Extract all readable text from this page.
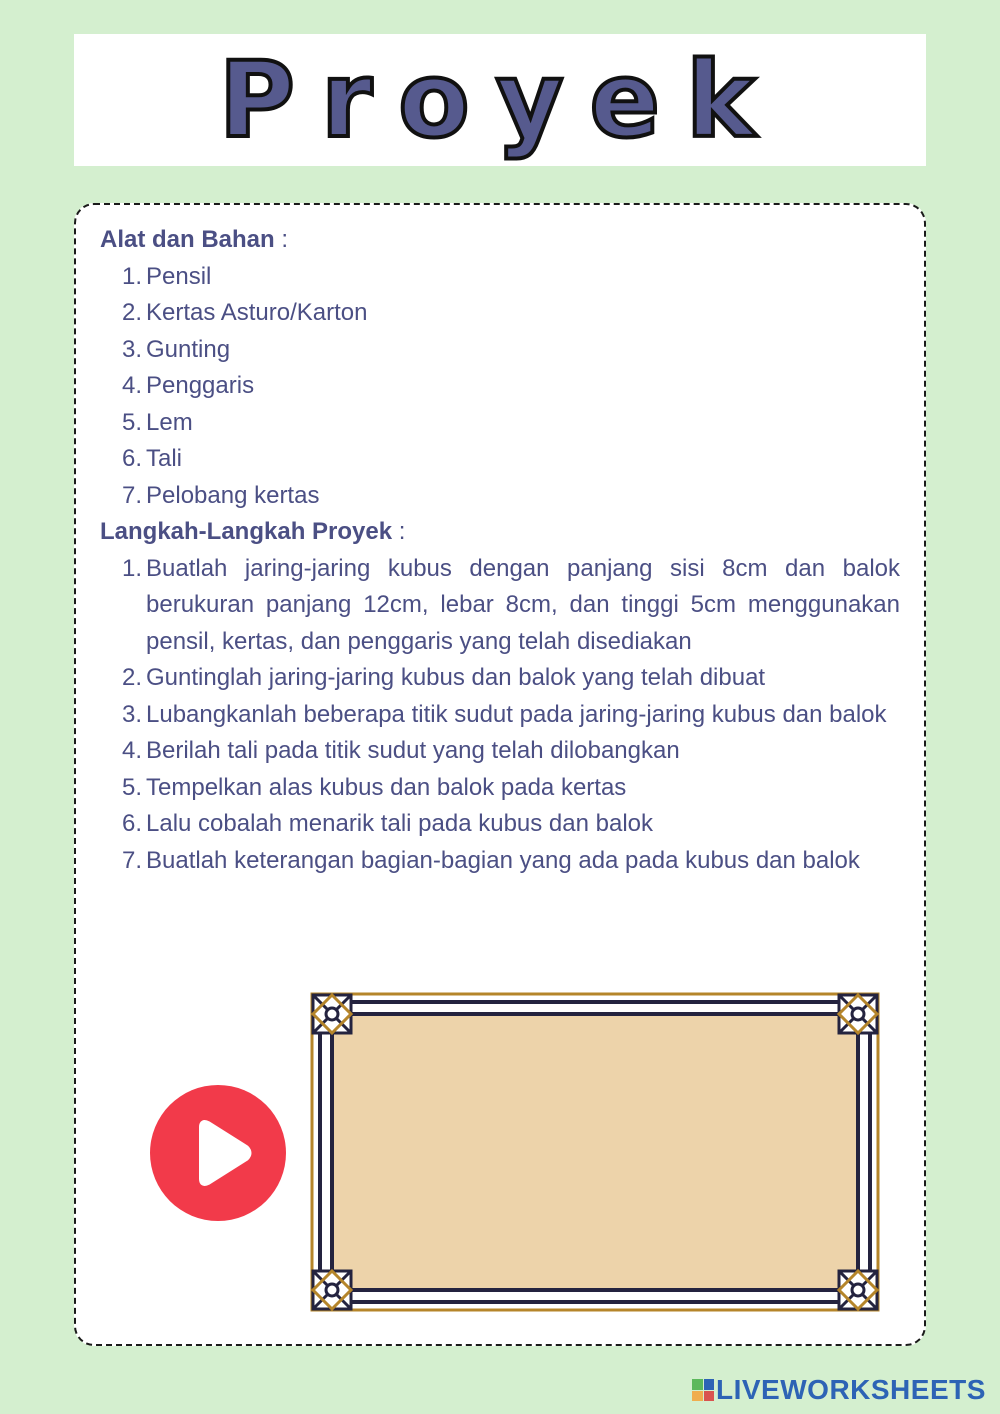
Proyek
Alat dan Bahan :
1. Pensil
2. Kertas Asturo/Karton
3. Gunting
4. Penggaris
5. Lem
6. Tali
7. Pelobang kertas
Langkah-Langkah Proyek :
1. Buatlah jaring-jaring kubus dengan panjang sisi 8cm dan balok berukuran panjang 12cm, lebar 8cm, dan tinggi 5cm menggunakan pensil, kertas, dan penggaris yang telah disediakan
2. Guntinglah jaring-jaring kubus dan balok yang telah dibuat
3. Lubangkanlah beberapa titik sudut pada jaring-jaring kubus dan balok
4. Berilah tali pada titik sudut yang telah dilobangkan
5. Tempelkan alas kubus dan balok pada kertas
6. Lalu cobalah menarik tali pada kubus dan balok
7. Buatlah keterangan bagian-bagian yang ada pada kubus dan balok
LIVEWORKSHEETS
